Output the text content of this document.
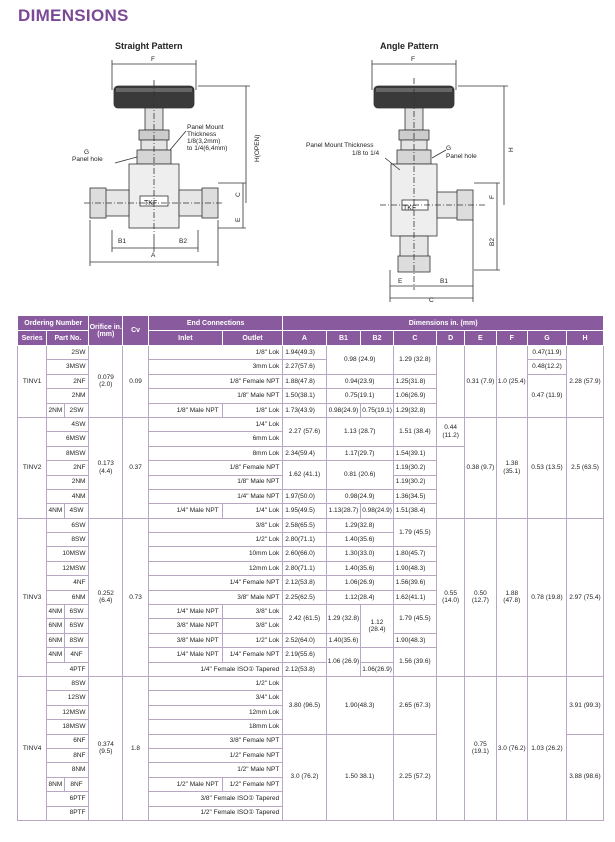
DIMENSIONS
Straight Pattern	Angle Pattern
F
Panel Mount
Thickness
1/8(3,2mm)
to 1/4(6,4mm)
G
Panel hole	H(OPEN)
C
E
TKF
B1	B2
A
F
H
Panel Mount Thickness
1/8 to 1/4
G
Panel hole
F
B2
TKF
E	B1
C
Ordering Number			Orifice in. (mm)	Cv	End Connections		Dimensions in. (mm)								
Series	Part No.				Inlet	Outlet	A	B1	B2	C	D	E	F	G	H
TINV1	2SW		0.079 (2.0)	0.09	1/8" Lok		1.94(49.3)	0.98 (24.9)		1.29 (32.8)		0.31 (7.9)	1.0 (25.4)	0.47(11.9)	2.28 (57.9)
	3MSW				3mm Lok		2.27(57.6)							0.48(12.2)	
	2NF				1/8" Female NPT		1.88(47.8)	0.94(23.9)		1.25(31.8)				0.47 (11.9)	
	2NM				1/8" Male NPT		1.50(38.1)	0.75(19.1)		1.06(26.9)					
	2NM	2SW			1/8" Male NPT	1/8" Lok	1.73(43.9)	0.98(24.9)	0.75(19.1)	1.29(32.8)					
TINV2	4SW		0.173 (4.4)	0.37	1/4" Lok		2.27 (57.6)	1.13 (28.7)		1.51 (38.4)	0.44 (11.2)	0.38 (9.7)	1.38 (35.1)	0.53 (13.5)	2.5 (63.5)
	6MSW				6mm Lok										
	8MSW				8mm Lok		2.34(59.4)	1.17(29.7)		1.54(39.1)					
	2NF				1/8" Female NPT		1.62 (41.1)	0.81 (20.6)		1.19(30.2)					
	2NM				1/8" Male NPT					1.19(30.2)					
	4NM				1/4" Male NPT		1.97(50.0)	0.98(24.9)		1.36(34.5)					
	4NM	4SW			1/4" Male NPT	1/4" Lok	1.95(49.5)	1.13(28.7)	0.98(24.9)	1.51(38.4)					
TINV3	6SW		0.252 (6.4)	0.73	3/8" Lok		2.58(65.5)	1.29(32.8)		1.79 (45.5)	0.55 (14.0)	0.50 (12.7)	1.88 (47.8)	0.78 (19.8)	2.97 (75.4)
	8SW				1/2" Lok		2.80(71.1)	1.40(35.6)							
	10MSW				10mm Lok		2.60(66.0)	1.30(33.0)		1.80(45.7)					
	12MSW				12mm Lok		2.80(71.1)	1.40(35.6)		1.90(48.3)					
	4NF				1/4" Female NPT		2.12(53.8)	1.06(26.9)		1.56(39.6)					
	6NM				3/8" Male NPT		2.25(62.5)	1.12(28.4)		1.62(41.1)					
	4NM	6SW			1/4" Male NPT	3/8" Lok	2.42 (61.5)	1.29 (32.8)	1.12 (28.4)	1.79 (45.5)					
	6NM	6SW			3/8" Male NPT	3/8" Lok									
	6NM	8SW			3/8" Male NPT	1/2" Lok	2.52(64.0)	1.40(35.6)		1.90(48.3)					
	4NM	4NF			1/4" Male NPT	1/4" Female NPT	2.19(55.6)	1.06 (26.9)		1.56 (39.6)					
	4PTF				1/4" Female ISO① Tapered		2.12(53.8)		1.06(26.9)						
TINV4	8SW		0.374 (9.5)	1.8	1/2" Lok		3.80 (96.5)	1.90(48.3)		2.65 (67.3)		0.75 (19.1)	3.0 (76.2)	1.03 (26.2)	3.91 (99.3)
	12SW				3/4" Lok										
	12MSW				12mm Lok										
	18MSW				18mm Lok										
	6NF				3/8" Female NPT		3.0 (76.2)	1.50 38.1)		2.25 (57.2)					3.88 (98.6)
	8NF				1/2" Female NPT										
	8NM				1/2" Male NPT										
	8NM	8NF			1/2" Male NPT	1/2" Female NPT									
	6PTF				3/8" Female ISO① Tapered										
	8PTF				1/2" Female ISO① Tapered										
